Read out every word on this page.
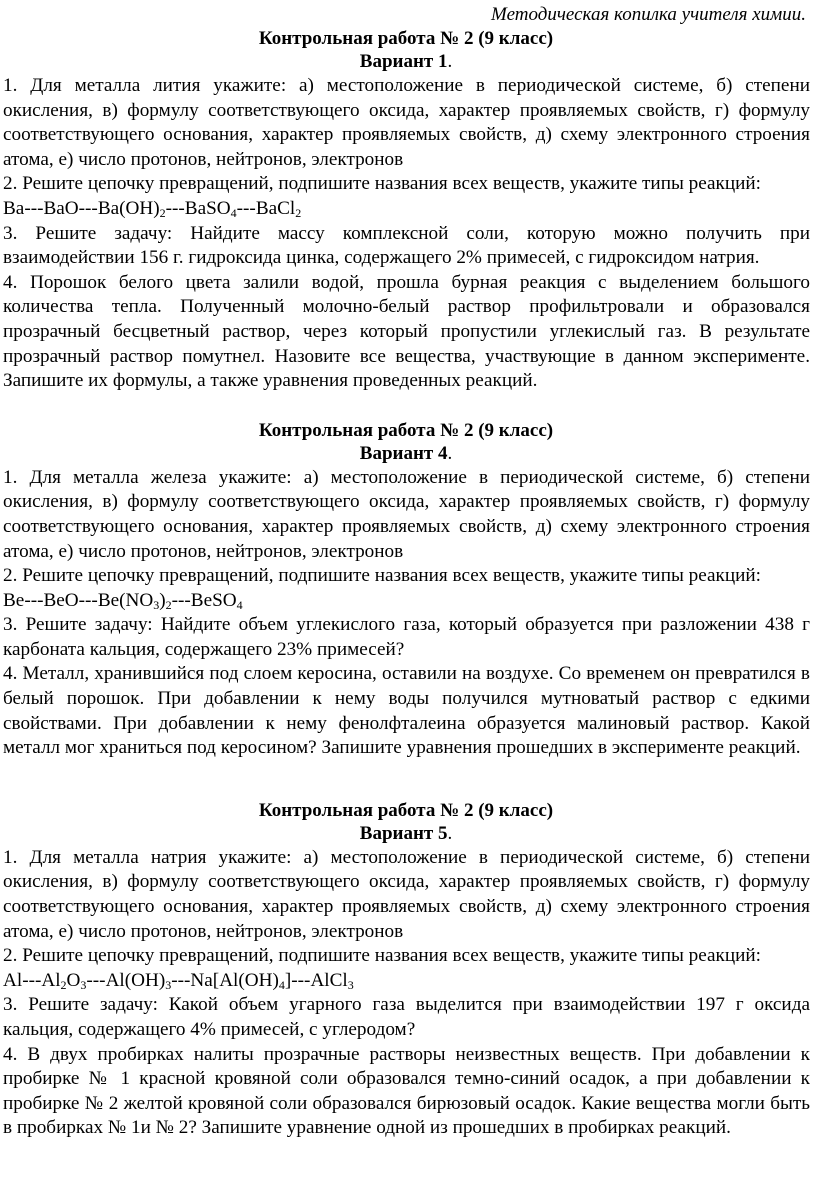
Методическая копилка учителя химии.
Контрольная работа № 2 (9 класс)
Вариант 1.

1. Для металла лития укажите: а) местоположение в периодической системе, б) степени окисления, в) формулу соответствующего оксида, характер проявляемых свойств, г) формулу соответствующего основания, характер проявляемых свойств, д) схему электронного строения атома, е) число протонов, нейтронов, электронов

2. Решите цепочку превращений, подпишите названия всех веществ, укажите типы реакций:

$Ba---BaO---Ba(OH)_2---BaSO_4---BaCl_2$

3. Решите задачу: Найдите массу комплексной соли, которую можно получить при взаимодействии 156 г. гидроксида цинка, содержащего 2% примесей, с гидроксидом натрия.

4. Порошок белого цвета залили водой, прошла бурная реакция с выделением большого количества тепла. Полученный молочно-белый раствор профильтровали и образовался прозрачный бесцветный раствор, через который пропустили углекислый газ. В результате прозрачный раствор помутнел. Назовите все вещества, участвующие в данном эксперименте. Запишите их формулы, а также уравнения проведенных реакций.

Контрольная работа № 2 (9 класс)
Вариант 4.

1. Для металла железа укажите: а) местоположение в периодической системе, б) степени окисления, в) формулу соответствующего оксида, характер проявляемых свойств, г) формулу соответствующего основания, характер проявляемых свойств, д) схему электронного строения атома, е) число протонов, нейтронов, электронов

2. Решите цепочку превращений, подпишите названия всех веществ, укажите типы реакций:

$Be---BeO---Be(NO_3)_2---BeSO_4$

3. Решите задачу: Найдите объем углекислого газа, который образуется при разложении 438 г карбоната кальция, содержащего 23% примесей?

4. Металл, хранившийся под слоем керосина, оставили на воздухе. Со временем он превратился в белый порошок. При добавлении к нему воды получился мутноватый раствор с едкими свойствами. При добавлении к нему фенолфталеина образуется малиновый раствор. Какой металл мог храниться под керосином? Запишите уравнения прошедших в эксперименте реакций.

Контрольная работа № 2 (9 класс)
Вариант 5.

1. Для металла натрия укажите: а) местоположение в периодической системе, б) степени окисления, в) формулу соответствующего оксида, характер проявляемых свойств, г) формулу соответствующего основания, характер проявляемых свойств, д) схему электронного строения атома, е) число протонов, нейтронов, электронов

2. Решите цепочку превращений, подпишите названия всех веществ, укажите типы реакций:

$Al---Al_2O_3---Al(OH)_3---Na[Al(OH)_4]---AlCl_3$

3. Решите задачу: Какой объем угарного газа выделится при взаимодействии 197 г оксида кальция, содержащего 4% примесей, с углеродом?

4. В двух пробирках налиты прозрачные растворы неизвестных веществ. При добавлении к пробирке № 1 красной кровяной соли образовался темно-синий осадок, а при добавлении к пробирке № 2 желтой кровяной соли образовался бирюзовый осадок. Какие вещества могли быть в пробирках № 1и № 2? Запишите уравнение одной из прошедших в пробирках реакций.
